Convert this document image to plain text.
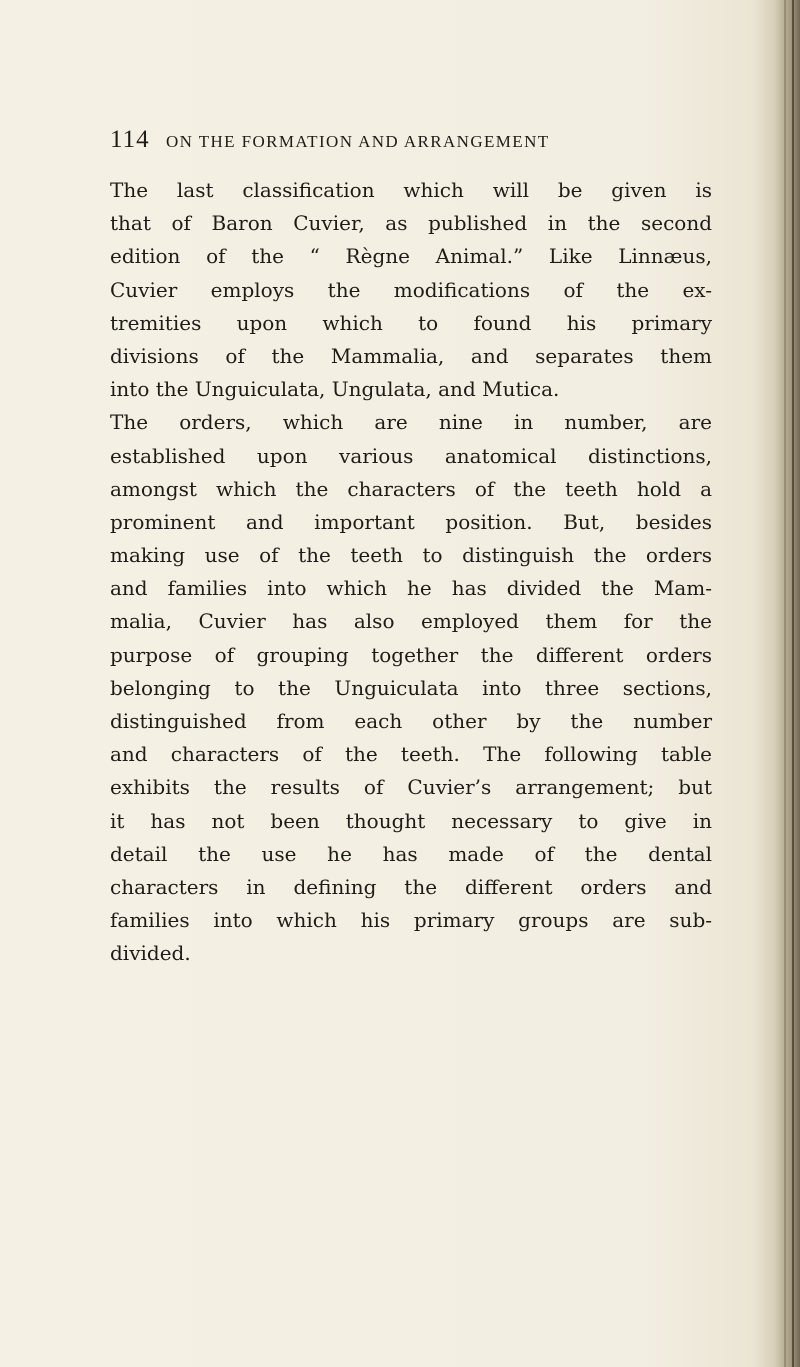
114 ON THE FORMATION AND ARRANGEMENT
The last classification which will be given is
that of Baron Cuvier, as published in the second
edition of the “ Règne Animal.” Like Linnæus,
Cuvier employs the modifications of the ex-
tremities upon which to found his primary
divisions of the Mammalia, and separates them
into the Unguiculata, Ungulata, and Mutica.
The orders, which are nine in number, are
established upon various anatomical distinctions,
amongst which the characters of the teeth hold a
prominent and important position. But, besides
making use of the teeth to distinguish the orders
and families into which he has divided the Mam-
malia, Cuvier has also employed them for the
purpose of grouping together the different orders
belonging to the Unguiculata into three sections,
distinguished from each other by the number
and characters of the teeth. The following table
exhibits the results of Cuvier’s arrangement; but
it has not been thought necessary to give in
detail the use he has made of the dental
characters in defining the different orders and
families into which his primary groups are sub-
divided.
